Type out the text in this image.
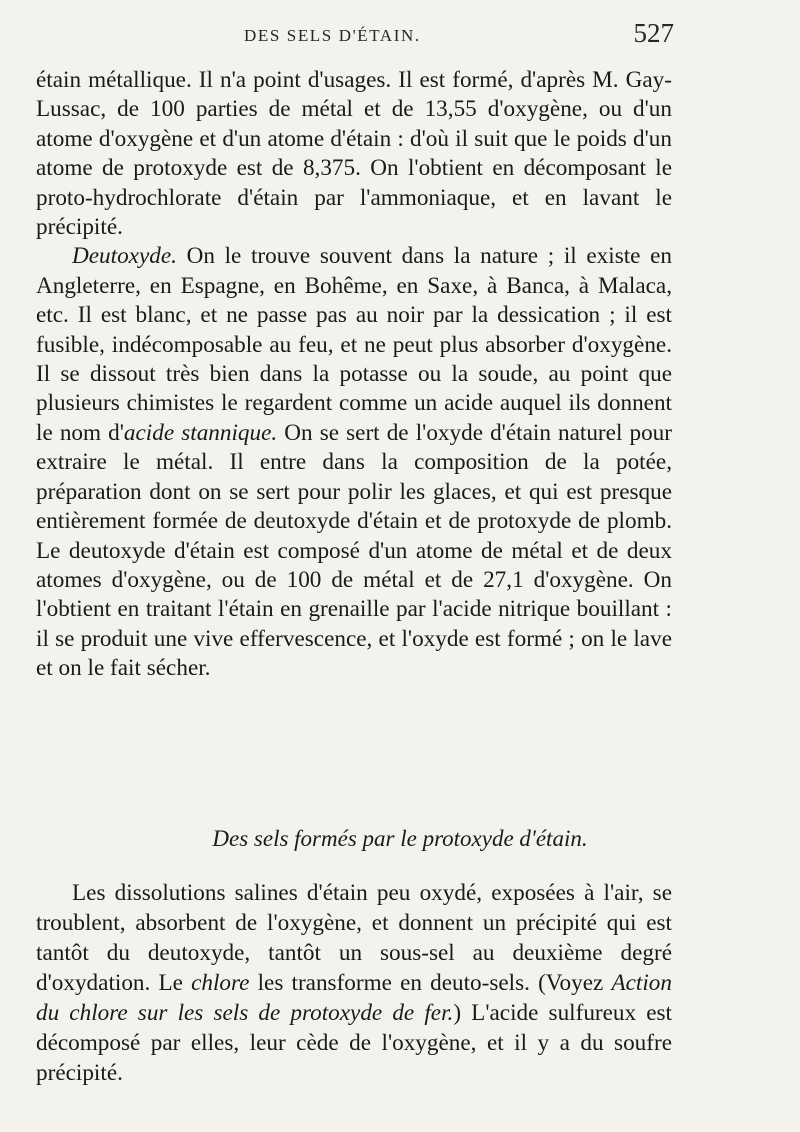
DES SELS D'ÉTAIN.	527

étain métallique. Il n'a point d'usages. Il est formé, d'après M. Gay-Lussac, de 100 parties de métal et de 13,55 d'oxygène, ou d'un atome d'oxygène et d'un atome d'étain : d'où il suit que le poids d'un atome de protoxyde est de 8,375. On l'obtient en décomposant le proto-hydrochlorate d'étain par l'ammoniaque, et en lavant le précipité.

Deutoxyde. On le trouve souvent dans la nature ; il existe en Angleterre, en Espagne, en Bohême, en Saxe, à Banca, à Malaca, etc. Il est blanc, et ne passe pas au noir par la dessication ; il est fusible, indécomposable au feu, et ne peut plus absorber d'oxygène. Il se dissout très bien dans la potasse ou la soude, au point que plusieurs chimistes le regardent comme un acide auquel ils donnent le nom d'acide stannique. On se sert de l'oxyde d'étain naturel pour extraire le métal. Il entre dans la composition de la potée, préparation dont on se sert pour polir les glaces, et qui est presque entièrement formée de deutoxyde d'étain et de protoxyde de plomb. Le deutoxyde d'étain est composé d'un atome de métal et de deux atomes d'oxygène, ou de 100 de métal et de 27,1 d'oxygène. On l'obtient en traitant l'étain en grenaille par l'acide nitrique bouillant : il se produit une vive effervescence, et l'oxyde est formé ; on le lave et on le fait sécher.

Des sels formés par le protoxyde d'étain.

Les dissolutions salines d'étain peu oxydé, exposées à l'air, se troublent, absorbent de l'oxygène, et donnent un précipité qui est tantôt du deutoxyde, tantôt un sous-sel au deuxième degré d'oxydation. Le chlore les transforme en deuto-sels. (Voyez Action du chlore sur les sels de protoxyde de fer.) L'acide sulfureux est décomposé par elles, leur cède de l'oxygène, et il y a du soufre précipité.
